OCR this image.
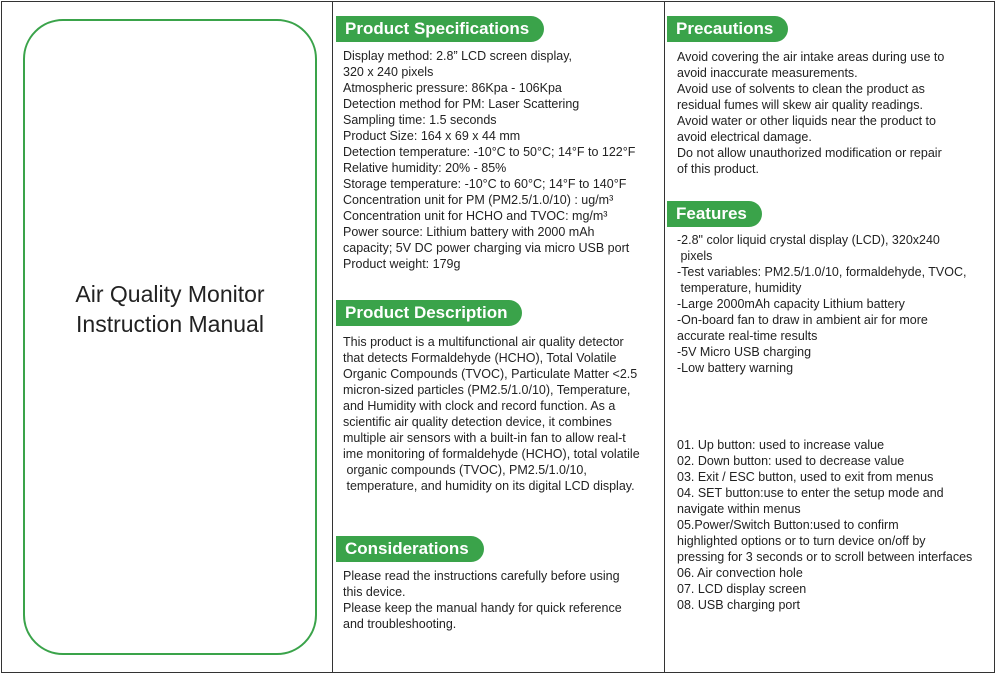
Air Quality Monitor
Instruction Manual
Product Specifications
Display method: 2.8” LCD screen display,
320 x 240 pixels
Atmospheric pressure: 86Kpa - 106Kpa
Detection method for PM: Laser Scattering
Sampling time: 1.5 seconds
Product Size: 164 x 69 x 44 mm
Detection temperature: -10°C to 50°C; 14°F to 122°F
Relative humidity: 20% - 85%
Storage temperature: -10°C to 60°C; 14°F to 140°F
Concentration unit for PM (PM2.5/1.0/10) : ug/m³
Concentration unit for HCHO and TVOC: mg/m³
Power source: Lithium battery with 2000 mAh
capacity; 5V DC power charging via micro USB port
Product weight: 179g
Product Description
This product is a multifunctional air quality detector
that detects Formaldehyde (HCHO), Total Volatile
Organic Compounds (TVOC), Particulate Matter <2.5
micron-sized particles (PM2.5/1.0/10), Temperature,
and Humidity with clock and record function. As a
scientific air quality detection device, it combines
multiple air sensors with a built-in fan to allow real-t
ime monitoring of formaldehyde (HCHO), total volatile
organic compounds (TVOC), PM2.5/1.0/10,
temperature, and humidity on its digital LCD display.
Considerations
Please read the instructions carefully before using
this device.
Please keep the manual handy for quick reference
and troubleshooting.
Precautions
Avoid covering the air intake areas during use to
avoid inaccurate measurements.
Avoid use of solvents to clean the product as
residual fumes will skew air quality readings.
Avoid water or other liquids near the product to
avoid electrical damage.
Do not allow unauthorized modification or repair
of this product.
Features
-2.8" color liquid crystal display (LCD), 320x240
pixels
-Test variables: PM2.5/1.0/10, formaldehyde, TVOC,
temperature, humidity
-Large 2000mAh capacity Lithium battery
-On-board fan to draw in ambient air for more
accurate real-time results
-5V Micro USB charging
-Low battery warning
01. Up button: used to increase value
02. Down button: used to decrease value
03. Exit / ESC button, used to exit from menus
04. SET button:use to enter the setup mode and
navigate within menus
05.Power/Switch Button:used to confirm
highlighted options or to turn device on/off by
pressing for 3 seconds or to scroll between interfaces
06. Air convection hole
07. LCD display screen
08. USB charging port
